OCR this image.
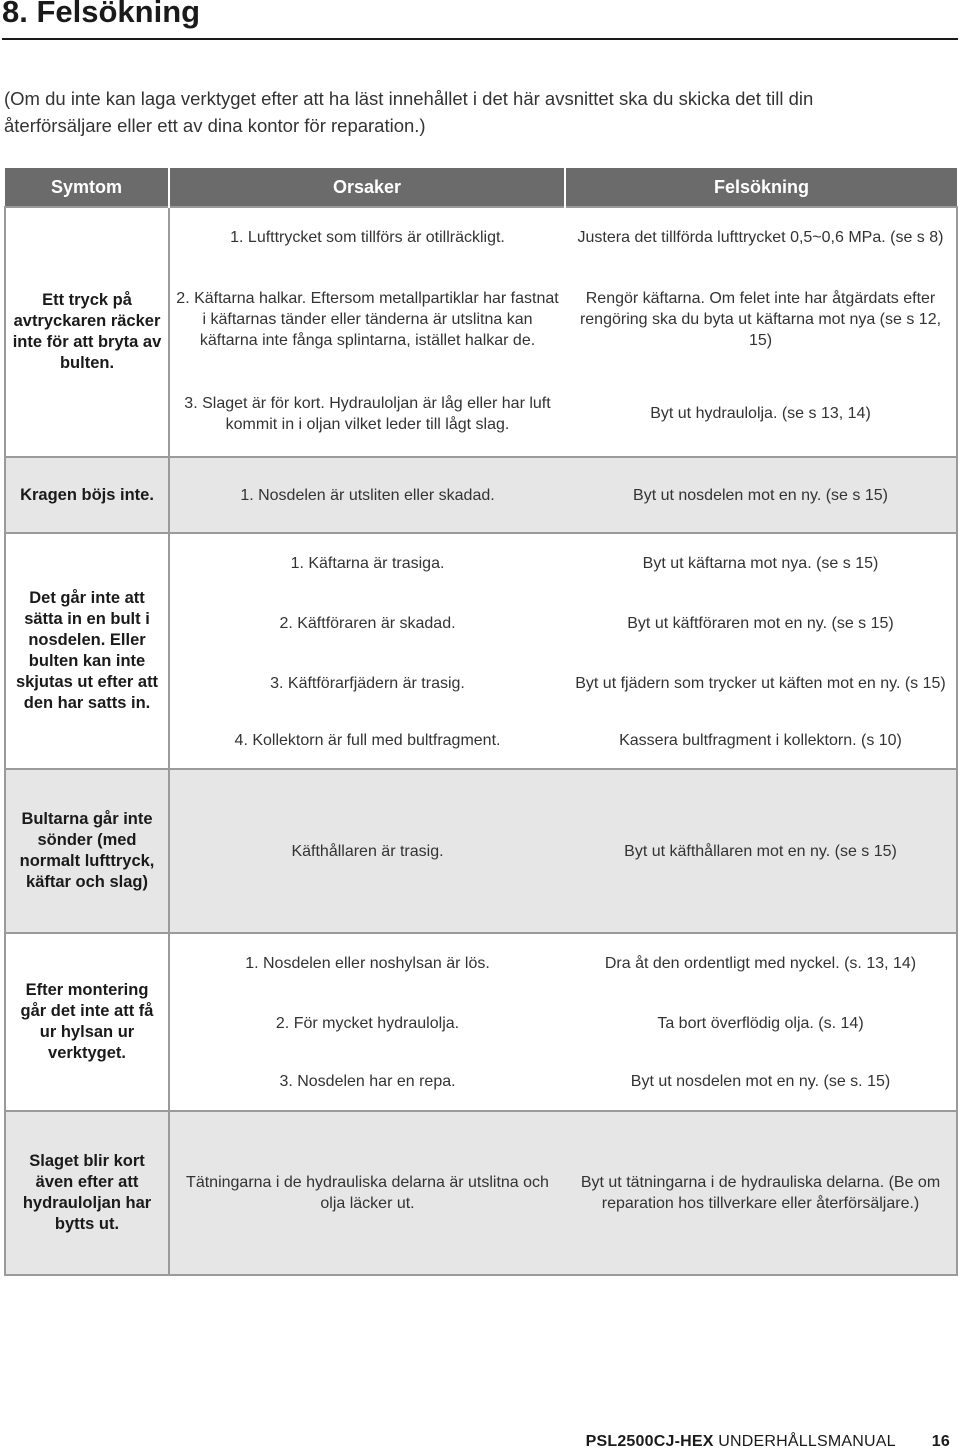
8. Felsökning
(Om du inte kan laga verktyget efter att ha läst innehållet i det här avsnittet ska du skicka det till din återförsäljare eller ett av dina kontor för reparation.)
Symtom	Orsaker	Felsökning
Ett tryck på avtryckaren räcker inte för att bryta av bulten.	1. Lufttrycket som tillförs är otillräckligt.	Justera det tillförda lufttrycket 0,5~0,6 MPa. (se s 8)
	2. Käftarna halkar. Eftersom metallpartiklar har fastnat i käftarnas tänder eller tänderna är utslitna kan käftarna inte fånga splintarna, istället halkar de.	Rengör käftarna. Om felet inte har åtgärdats efter rengöring ska du byta ut käftarna mot nya (se s 12, 15)
	3. Slaget är för kort. Hydrauloljan är låg eller har luft kommit in i oljan vilket leder till lågt slag.	Byt ut hydraulolja. (se s 13, 14)
Kragen böjs inte.	1. Nosdelen är utsliten eller skadad.	Byt ut nosdelen mot en ny. (se s 15)
Det går inte att sätta in en bult i nosdelen. Eller bulten kan inte skjutas ut efter att den har satts in.	1. Käftarna är trasiga.	Byt ut käftarna mot nya. (se s 15)
	2. Käftföraren är skadad.	Byt ut käftföraren mot en ny. (se s 15)
	3. Käftförarfjädern är trasig.	Byt ut fjädern som trycker ut käften mot en ny. (s 15)
	4. Kollektorn är full med bultfragment.	Kassera bultfragment i kollektorn. (s 10)
Bultarna går inte sönder (med normalt lufttryck, käftar och slag)	Käfthållaren är trasig.	Byt ut käfthållaren mot en ny. (se s 15)
Efter montering går det inte att få ur hylsan ur verktyget.	1. Nosdelen eller noshylsan är lös.	Dra åt den ordentligt med nyckel. (s. 13, 14)
	2. För mycket hydraulolja.	Ta bort överflödig olja. (s. 14)
	3. Nosdelen har en repa.	Byt ut nosdelen mot en ny. (se s. 15)
Slaget blir kort även efter att hydrauloljan har bytts ut.	Tätningarna i de hydrauliska delarna är utslitna och olja läcker ut.	Byt ut tätningarna i de hydrauliska delarna. (Be om reparation hos tillverkare eller återförsäljare.)
PSL2500CJ-HEX UNDERHÅLLSMANUAL 16
